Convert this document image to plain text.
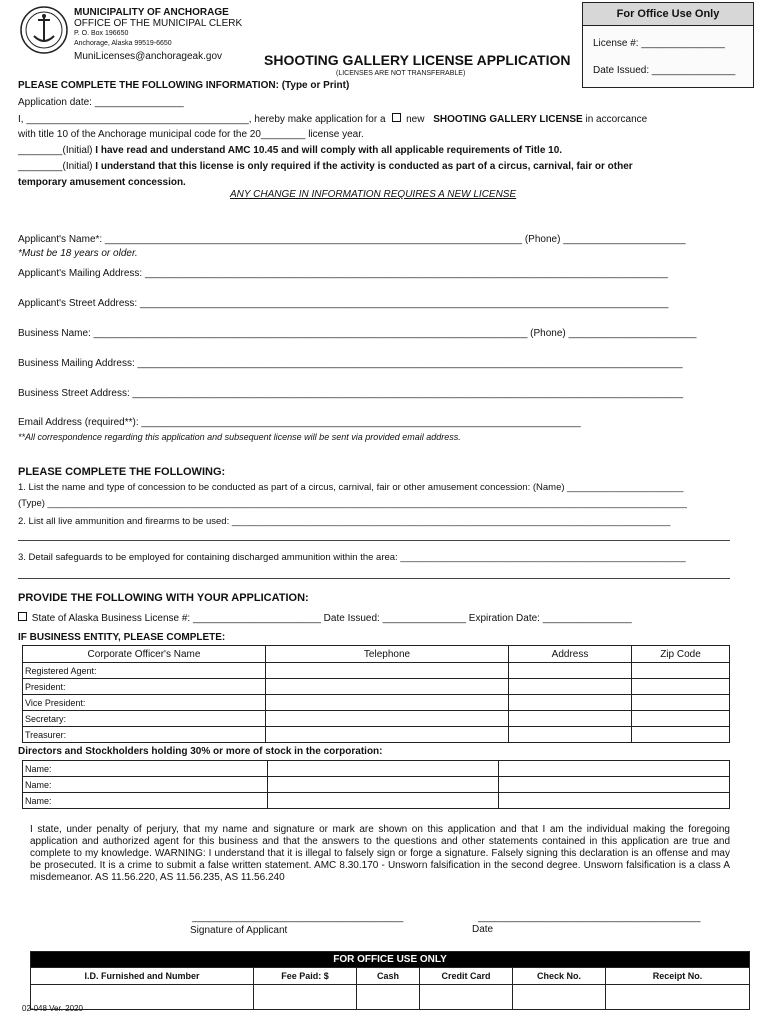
MUNICIPALITY OF ANCHORAGE
OFFICE OF THE MUNICIPAL CLERK
P. O. Box 196650
Anchorage, Alaska 99519-6650
MuniLicenses@anchorageak.gov	SHOOTING GALLERY LICENSE APPLICATION
(LICENSES ARE NOT TRANSFERABLE)
For Office Use Only
License #: _______________
Date Issued: _______________
PLEASE COMPLETE THE FOLLOWING INFORMATION: (Type or Print)
Application date: ________________
I, ________________________________________, hereby make application for a new SHOOTING GALLERY LICENSE in accorcance
with title 10 of the Anchorage municipal code for the 20________ license year.
________(Initial) I have read and understand AMC 10.45 and will comply with all applicable requirements of Title 10.
________(Initial) I understand that this license is only required if the activity is conducted as part of a circus, carnival, fair or other
temporary amusement concession.
ANY CHANGE IN INFORMATION REQUIRES A NEW LICENSE
Applicant's Name*: ___________________________________________________________________________ (Phone) ______________________
*Must be 18 years or older.
Applicant's Mailing Address: ______________________________________________________________________________________________
Applicant's Street Address: _______________________________________________________________________________________________
Business Name: ______________________________________________________________________________ (Phone) _______________________
Business Mailing Address: __________________________________________________________________________________________________
Business Street Address: ___________________________________________________________________________________________________
Email Address (required**): _______________________________________________________________________________
**All correspondence regarding this application and subsequent license will be sent via provided email address.
PLEASE COMPLETE THE FOLLOWING:
1. List the name and type of concession to be conducted as part of a circus, carnival, fair or other amusement concession: (Name) ______________________
(Type) _________________________________________________________________________________________________________________________
2. List all live ammunition and firearms to be used: ___________________________________________________________________________________
3. Detail safeguards to be employed for containing discharged ammunition within the area: ______________________________________________________
PROVIDE THE FOLLOWING WITH YOUR APPLICATION:
State of Alaska Business License #: _______________________ Date Issued: _______________ Expiration Date: ________________
IF BUSINESS ENTITY, PLEASE COMPLETE:
Corporate Officer's Name	Telephone	Address	Zip Code
Registered Agent:			
President:			
Vice President:			
Secretary:			
Treasurer:			
Directors and Stockholders holding 30% or more of stock in the corporation:
Name:		
Name:		
Name:		
I state, under penalty of perjury, that my name and signature or mark are shown on this application and that I am the individual making the foregoing application and authorized agent for this business and that the answers to the questions and other statements contained in this application are true and complete to my knowledge. WARNING: I understand that it is illegal to falsely sign or forge a signature. Falsely signing this declaration is an offense and may be prosecuted. It is a crime to submit a false written statement. AMC 8.30.170 - Unsworn falsification in the second degree. Unsworn falsification is a class A misdemeanor. AS 11.56.220, AS 11.56.235, AS 11.56.240
______________________________________
Signature of Applicant
________________________________________
Date
FOR OFFICE USE ONLY					
I.D. Furnished and Number	Fee Paid: $	Cash	Credit Card	Check No.	Receipt No.

02-048 Ver. 2020
